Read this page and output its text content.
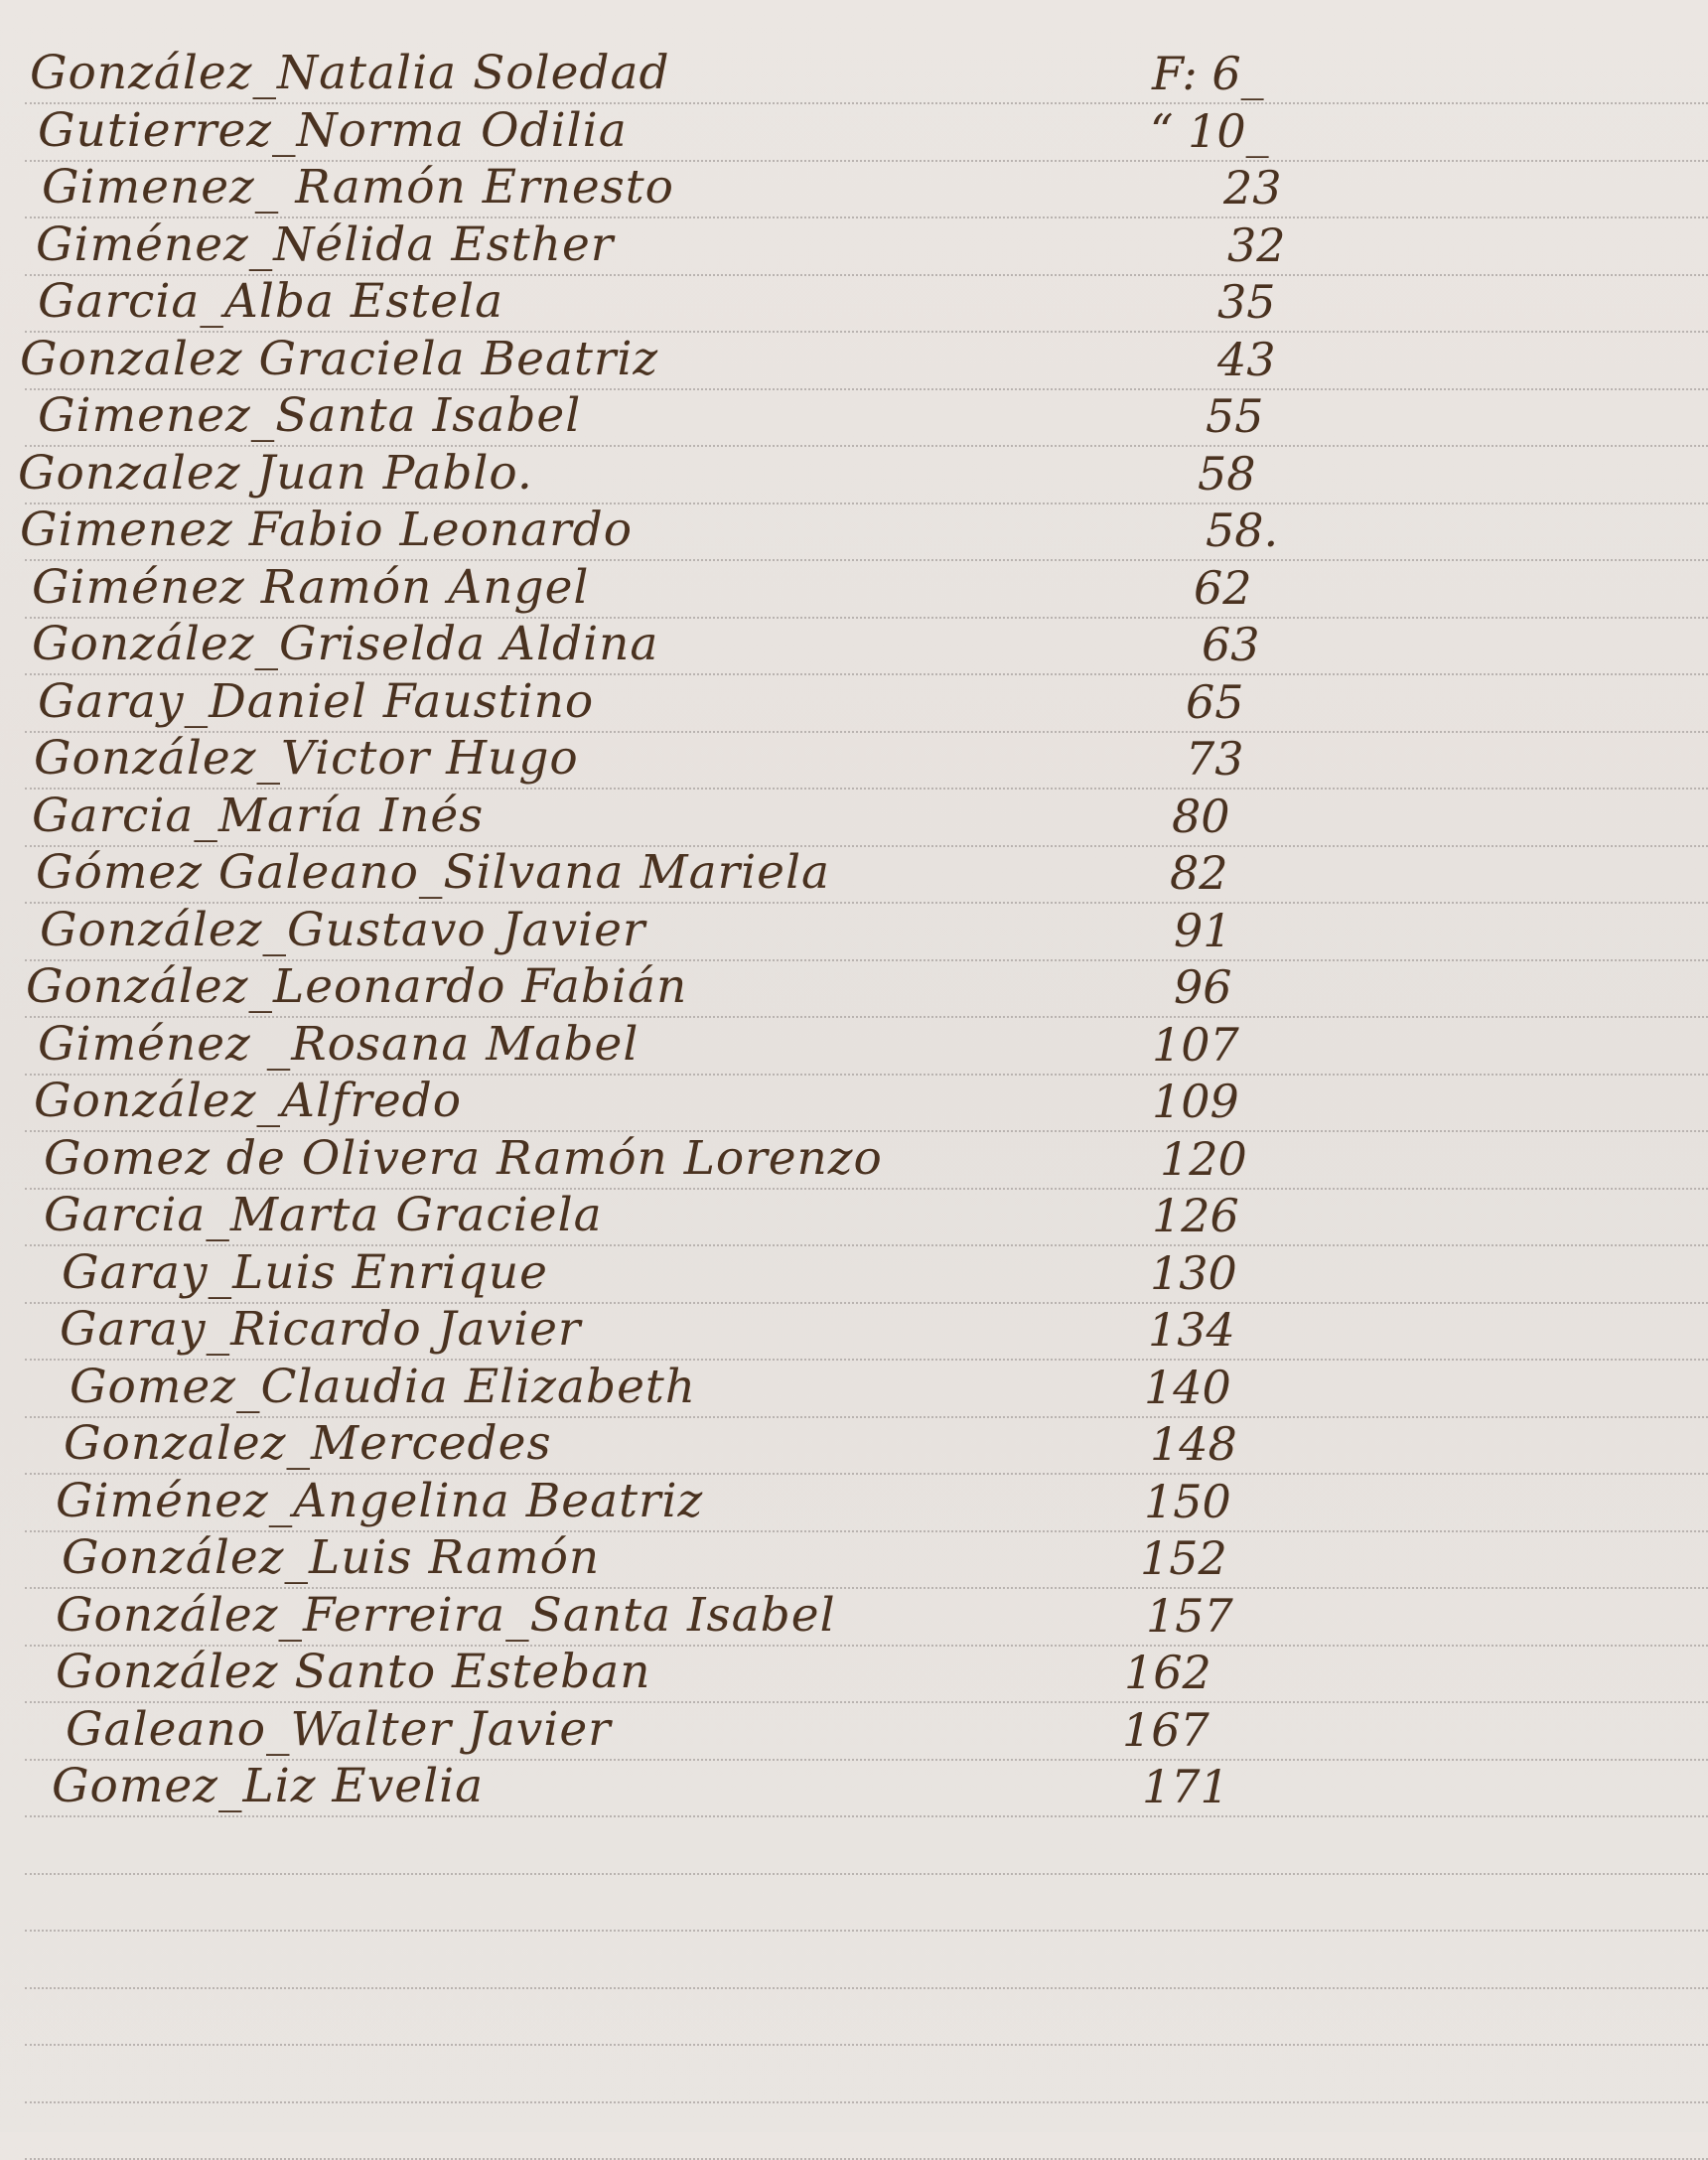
González_Natalia Soledad	F: 6_
Gutierrez_Norma Odilia	“ 10_
Gimenez_ Ramón Ernesto	23
Giménez_Nélida Esther	32
Garcia_Alba Estela	35
Gonzalez Graciela Beatriz	43
Gimenez_Santa Isabel	55
Gonzalez Juan Pablo.	58
Gimenez Fabio Leonardo	58.
Giménez Ramón Angel	62
González_Griselda Aldina	63
Garay_Daniel Faustino	65
González_Victor Hugo	73
Garcia_María Inés	80
Gómez Galeano_Silvana Mariela	82
González_Gustavo Javier	91
González_Leonardo Fabián	96
Giménez _Rosana Mabel	107
González_Alfredo	109
Gomez de Olivera Ramón Lorenzo	120
Garcia_Marta Graciela	126
Garay_Luis Enrique	130
Garay_Ricardo Javier	134
Gomez_Claudia Elizabeth	140
Gonzalez_Mercedes	148
Giménez_Angelina Beatriz	150
González_Luis Ramón	152
González_Ferreira_Santa Isabel	157
González Santo Esteban	162
Galeano_Walter Javier	167
Gomez_Liz Evelia	171
